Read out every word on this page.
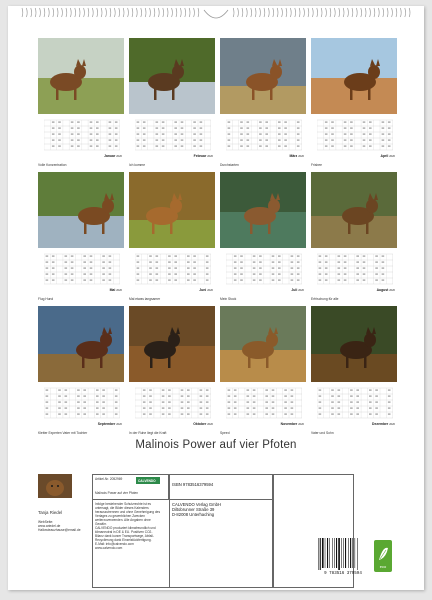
Januar 2020
Volle Konzentration
Februar 2020
Ich komme
März 2020
Durchstarten
April 2020
Frisbee
Mai 2020
Flug Hund
Juni 2020
Mal etwas langsamer
Juli 2020
Mein Stock
August 2020
Erfrischung für alle
September 2020
Kletter Experten Vater mit Tochter
Oktober 2020
In der Ruhe liegt die Kraft
November 2020
Speed
Dezember 2020
Vater und Sohn
Malinois Power auf vier Pfoten
Tanja Riedel
WebSeite:
www.ariedel.de
Hallowieauzhause@email.de
Artikel-Nr. 2052969	CALVENDO
Malinois Power auf vier Pfoten
ISBN 9783516379594
CALVENDO Verlag GmbH
Diltobrunner Straße 39
D-82008 Unterhaching
Infolge bestehender Schutzrechte ist es
untersagt, die Bilder dieses Kalenders
herauszutrennen und ohne Genehmigung des
Verlages zu gewerblichen Zwecken
weiterzuverwenden. Alle Angaben ohne
Gewähr.
CALVENDO produziert klimafreundlich und
klimaneutral in DE & EU. Positiven CO2-
Bilanz dank kurzer Transportwege, Abfall-
Recyclierung dank Einzelstückfertigung.
E-Mail: info@calvendo.com
www.calvendo.com
9 783516 379594
eco
